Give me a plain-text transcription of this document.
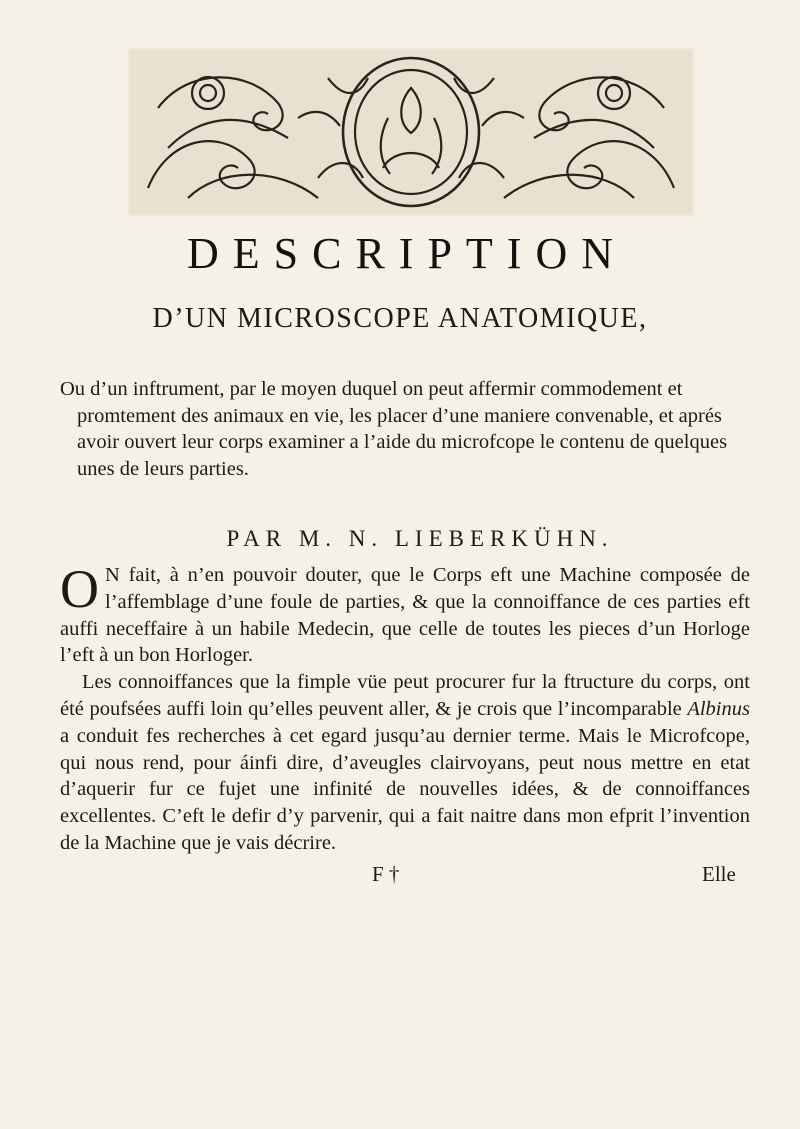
DESCRIPTION
D’UN MICROSCOPE ANATOMIQUE,

Ou d’un inftrument, par le moyen duquel on peut affermir commodement et promtement des animaux en vie, les placer d’une maniere convenable, et aprés avoir ouvert leur corps examiner a l’aide du microfcope le contenu de quelques unes de leurs parties.

PAR M. N. LIEBERKÜHN.

O N fait, à n’en pouvoir douter, que le Corps eft une Machine composée de l’affemblage d’une foule de parties, & que la connoiffance de ces parties eft auffi neceffaire à un habile Medecin, que celle de toutes les pieces d’un Horloge l’eft à un bon Horloger.

Les connoiffances que la fimple vüe peut procurer fur la ftructure du corps, ont été poufsées auffi loin qu’elles peuvent aller, & je crois que l’incomparable Albinus a conduit fes recherches à cet egard jusqu’au dernier terme. Mais le Microfcope, qui nous rend, pour áinfi dire, d’aveugles clairvoyans, peut nous mettre en etat d’aquerir fur ce fujet une infinité de nouvelles idées, & de connoiffances excellentes. C’eft le defir d’y parvenir, qui a fait naitre dans mon efprit l’invention de la Machine que je vais décrire.

F †	Elle
